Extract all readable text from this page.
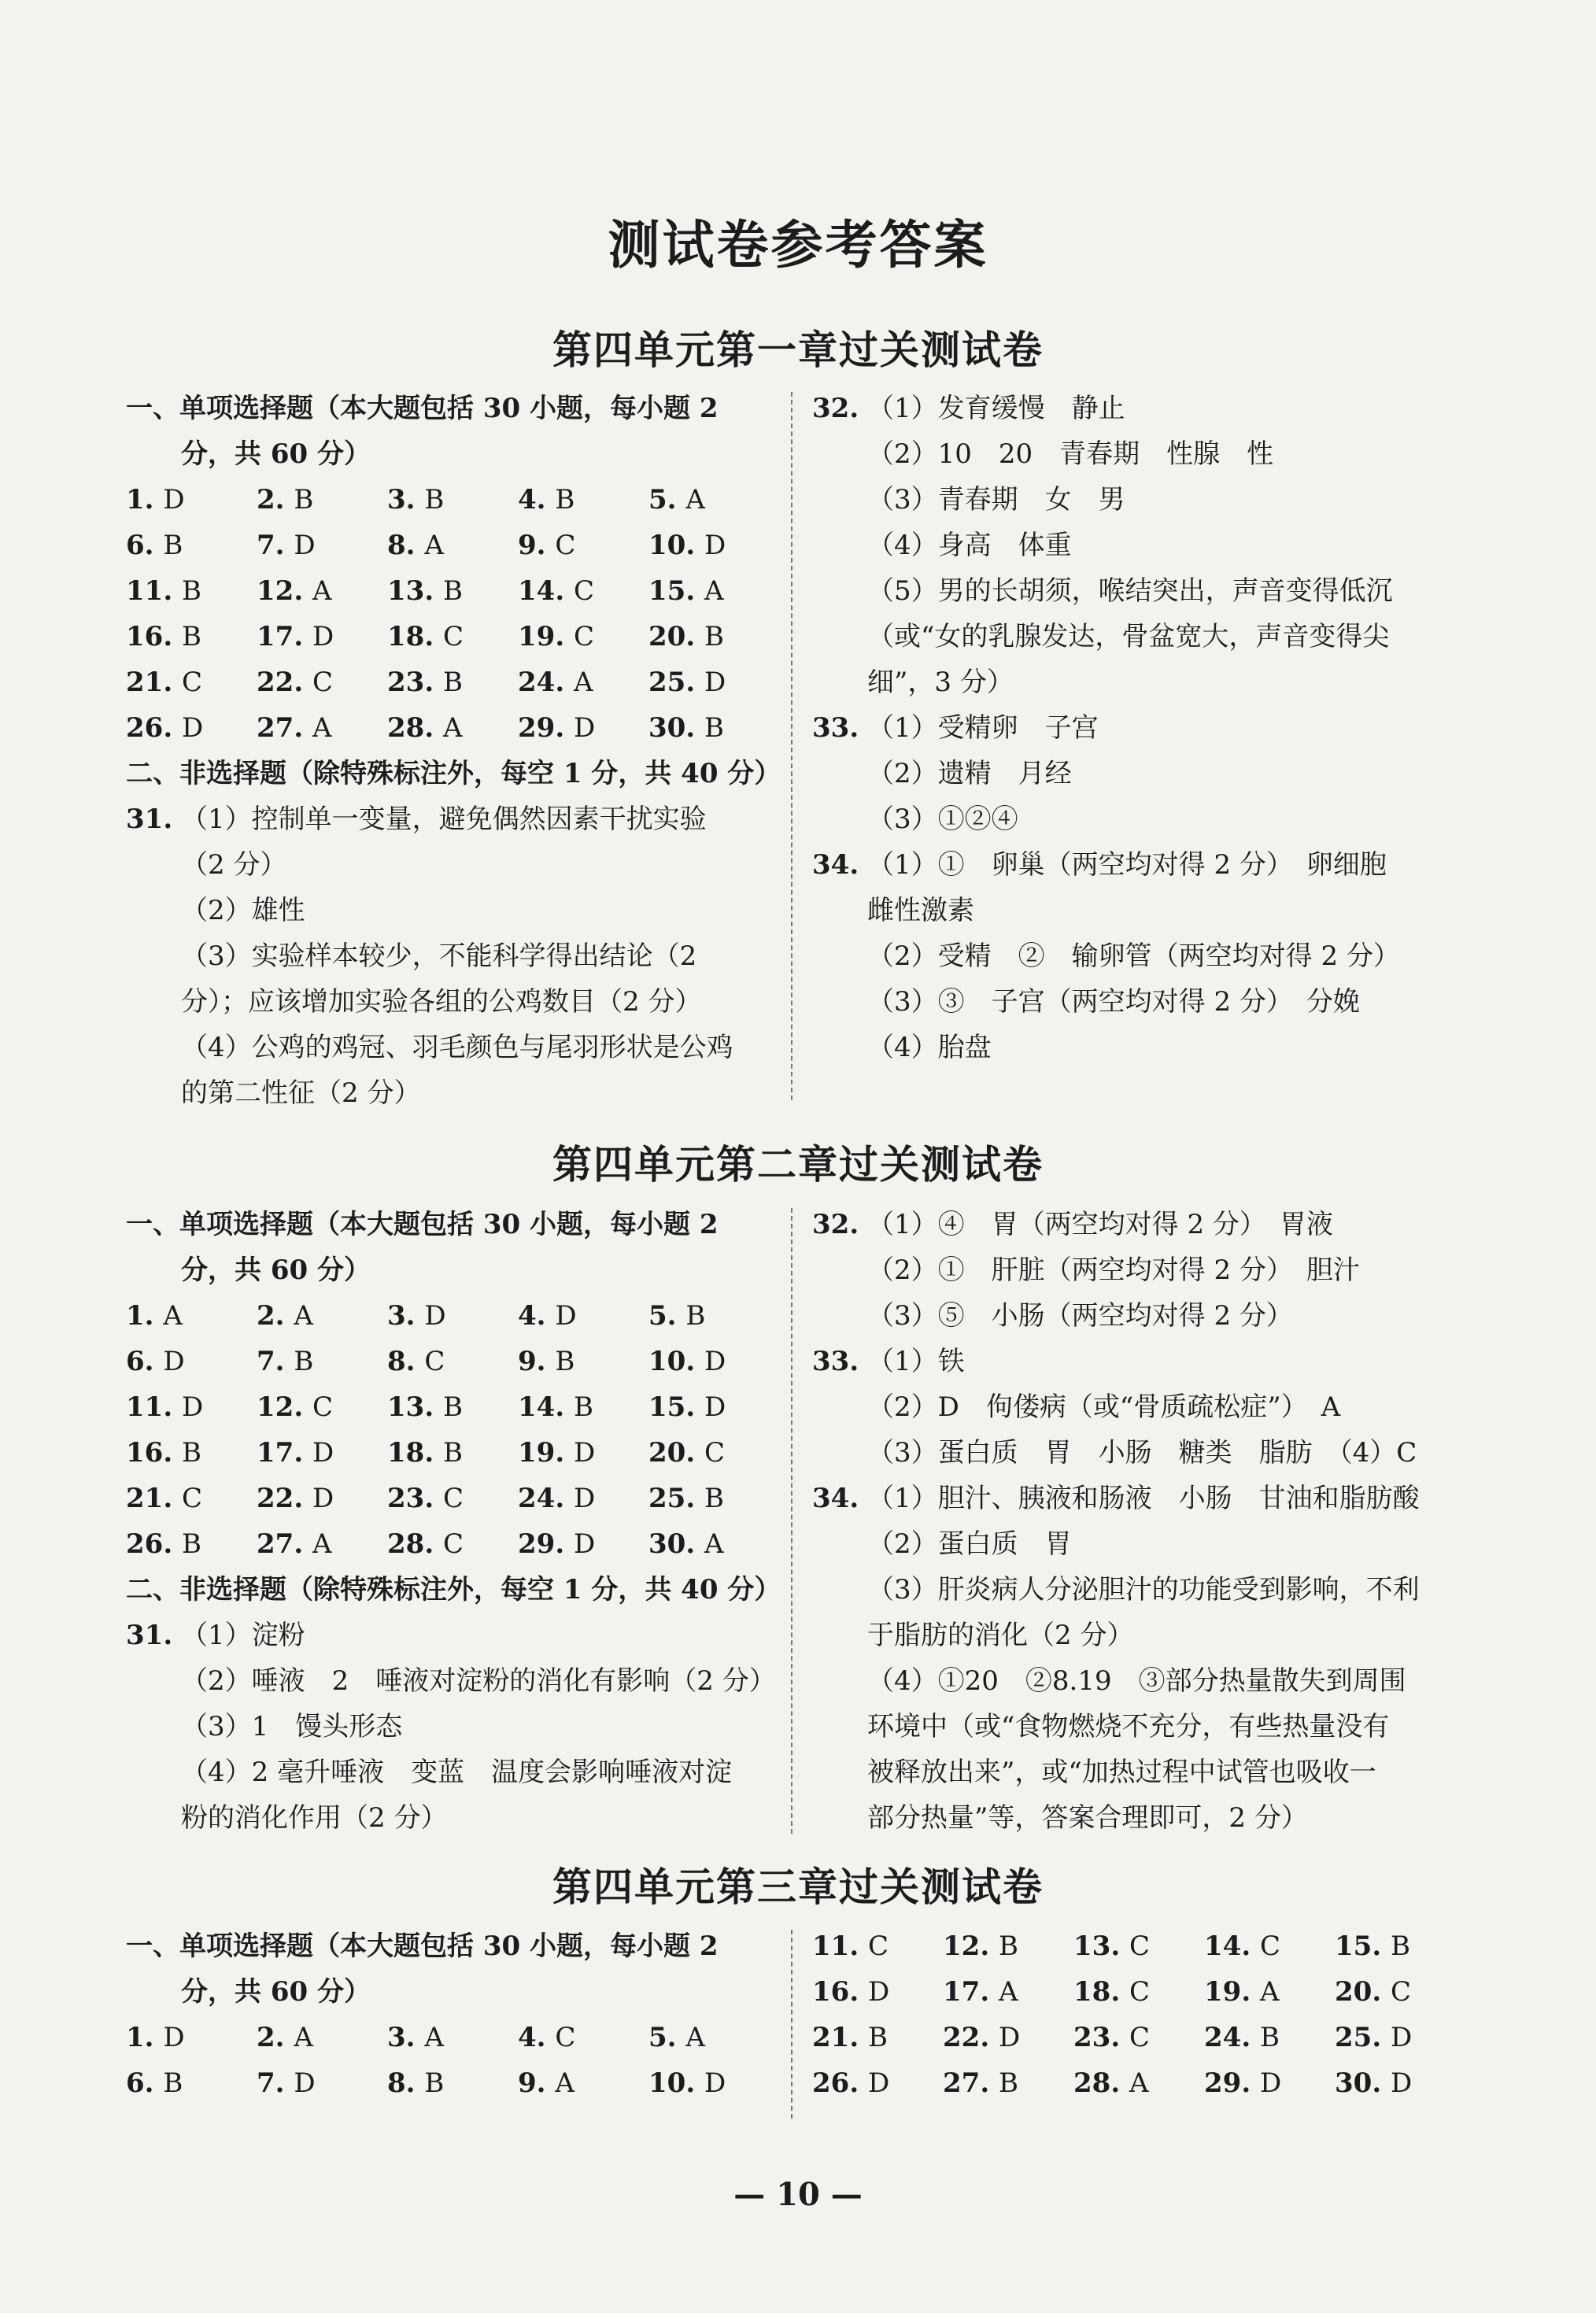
测试卷参考答案
第四单元第一章过关测试卷
一、单项选择题（本大题包括 30 小题，每小题 2
分，共 60 分）
1. D	2. B	3. B	4. B	5. A
6. B	7. D	8. A	9. C	10. D
11. B	12. A	13. B	14. C	15. A
16. B	17. D	18. C	19. C	20. B
21. C	22. C	23. B	24. A	25. D
26. D	27. A	28. A	29. D	30. B
二、非选择题（除特殊标注外，每空 1 分，共 40 分）
31. （1）控制单一变量，避免偶然因素干扰实验
（2 分）
（2）雄性
（3）实验样本较少，不能科学得出结论（2
分）；应该增加实验各组的公鸡数目（2 分）
（4）公鸡的鸡冠、羽毛颜色与尾羽形状是公鸡
的第二性征（2 分）
32. （1）发育缓慢　静止
（2）10　20　青春期　性腺　性
（3）青春期　女　男
（4）身高　体重
（5）男的长胡须，喉结突出，声音变得低沉
（或“女的乳腺发达，骨盆宽大，声音变得尖
细”，3 分）
33. （1）受精卵　子宫
（2）遗精　月经
（3）①②④
34. （1）①　卵巢（两空均对得 2 分）　卵细胞
雌性激素
（2）受精　②　输卵管（两空均对得 2 分）
（3）③　子宫（两空均对得 2 分）　分娩
（4）胎盘
第四单元第二章过关测试卷
一、单项选择题（本大题包括 30 小题，每小题 2
分，共 60 分）
1. A	2. A	3. D	4. D	5. B
6. D	7. B	8. C	9. B	10. D
11. D	12. C	13. B	14. B	15. D
16. B	17. D	18. B	19. D	20. C
21. C	22. D	23. C	24. D	25. B
26. B	27. A	28. C	29. D	30. A
二、非选择题（除特殊标注外，每空 1 分，共 40 分）
31. （1）淀粉
（2）唾液　2　唾液对淀粉的消化有影响（2 分）
（3）1　馒头形态
（4）2 毫升唾液　变蓝　温度会影响唾液对淀
粉的消化作用（2 分）
32. （1）④　胃（两空均对得 2 分）　胃液
（2）①　肝脏（两空均对得 2 分）　胆汁
（3）⑤　小肠（两空均对得 2 分）
33. （1）铁
（2）D　佝偻病（或“骨质疏松症”）　A
（3）蛋白质　胃　小肠　糖类　脂肪　（4）C
34. （1）胆汁、胰液和肠液　小肠　甘油和脂肪酸
（2）蛋白质　胃
（3）肝炎病人分泌胆汁的功能受到影响，不利
于脂肪的消化（2 分）
（4）①20　②8.19　③部分热量散失到周围
环境中（或“食物燃烧不充分，有些热量没有
被释放出来”，或“加热过程中试管也吸收一
部分热量”等，答案合理即可，2 分）
第四单元第三章过关测试卷
一、单项选择题（本大题包括 30 小题，每小题 2
分，共 60 分）
1. D	2. A	3. A	4. C	5. A
6. B	7. D	8. B	9. A	10. D
11. C	12. B	13. C	14. C	15. B
16. D	17. A	18. C	19. A	20. C
21. B	22. D	23. C	24. B	25. D
26. D	27. B	28. A	29. D	30. D
— 10 —
